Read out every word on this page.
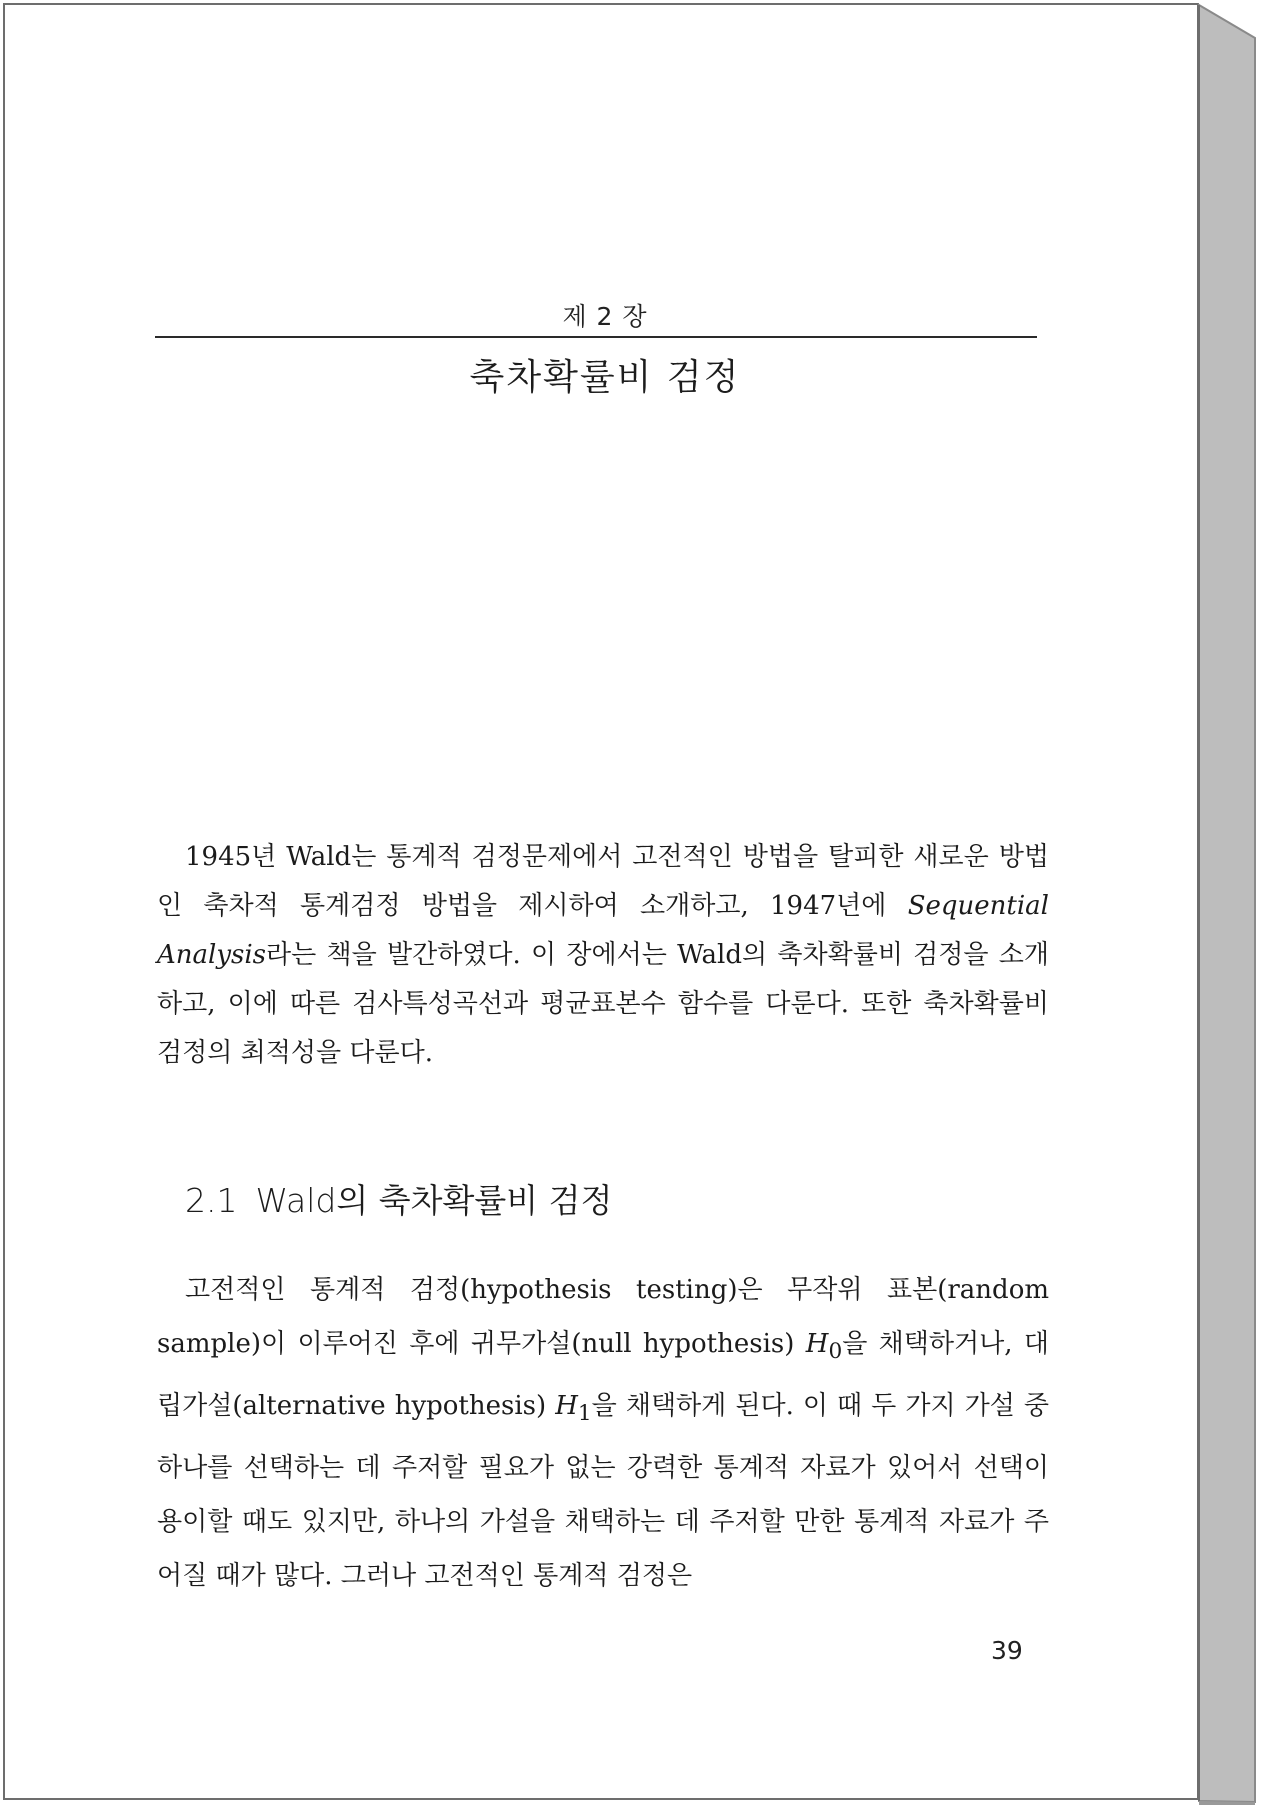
제 2 장
축차확률비 검정

1945년 Wald는 통계적 검정문제에서 고전적인 방법을 탈피한 새로운 방법인 축차적 통계검정 방법을 제시하여 소개하고, 1947년에 Sequential Analysis라는 책을 발간하였다. 이 장에서는 Wald의 축차확률비 검정을 소개하고, 이에 따른 검사특성곡선과 평균표본수 함수를 다룬다. 또한 축차확률비 검정의 최적성을 다룬다.

2.1 Wald의 축차확률비 검정

고전적인 통계적 검정(hypothesis testing)은 무작위 표본(random sample)이 이루어진 후에 귀무가설(null hypothesis) $H_0$을 채택하거나, 대립가설(alternative hypothesis) $H_1$을 채택하게 된다. 이 때 두 가지 가설 중 하나를 선택하는 데 주저할 필요가 없는 강력한 통계적 자료가 있어서 선택이 용이할 때도 있지만, 하나의 가설을 채택하는 데 주저할 만한 통계적 자료가 주어질 때가 많다. 그러나 고전적인 통계적 검정은

39
